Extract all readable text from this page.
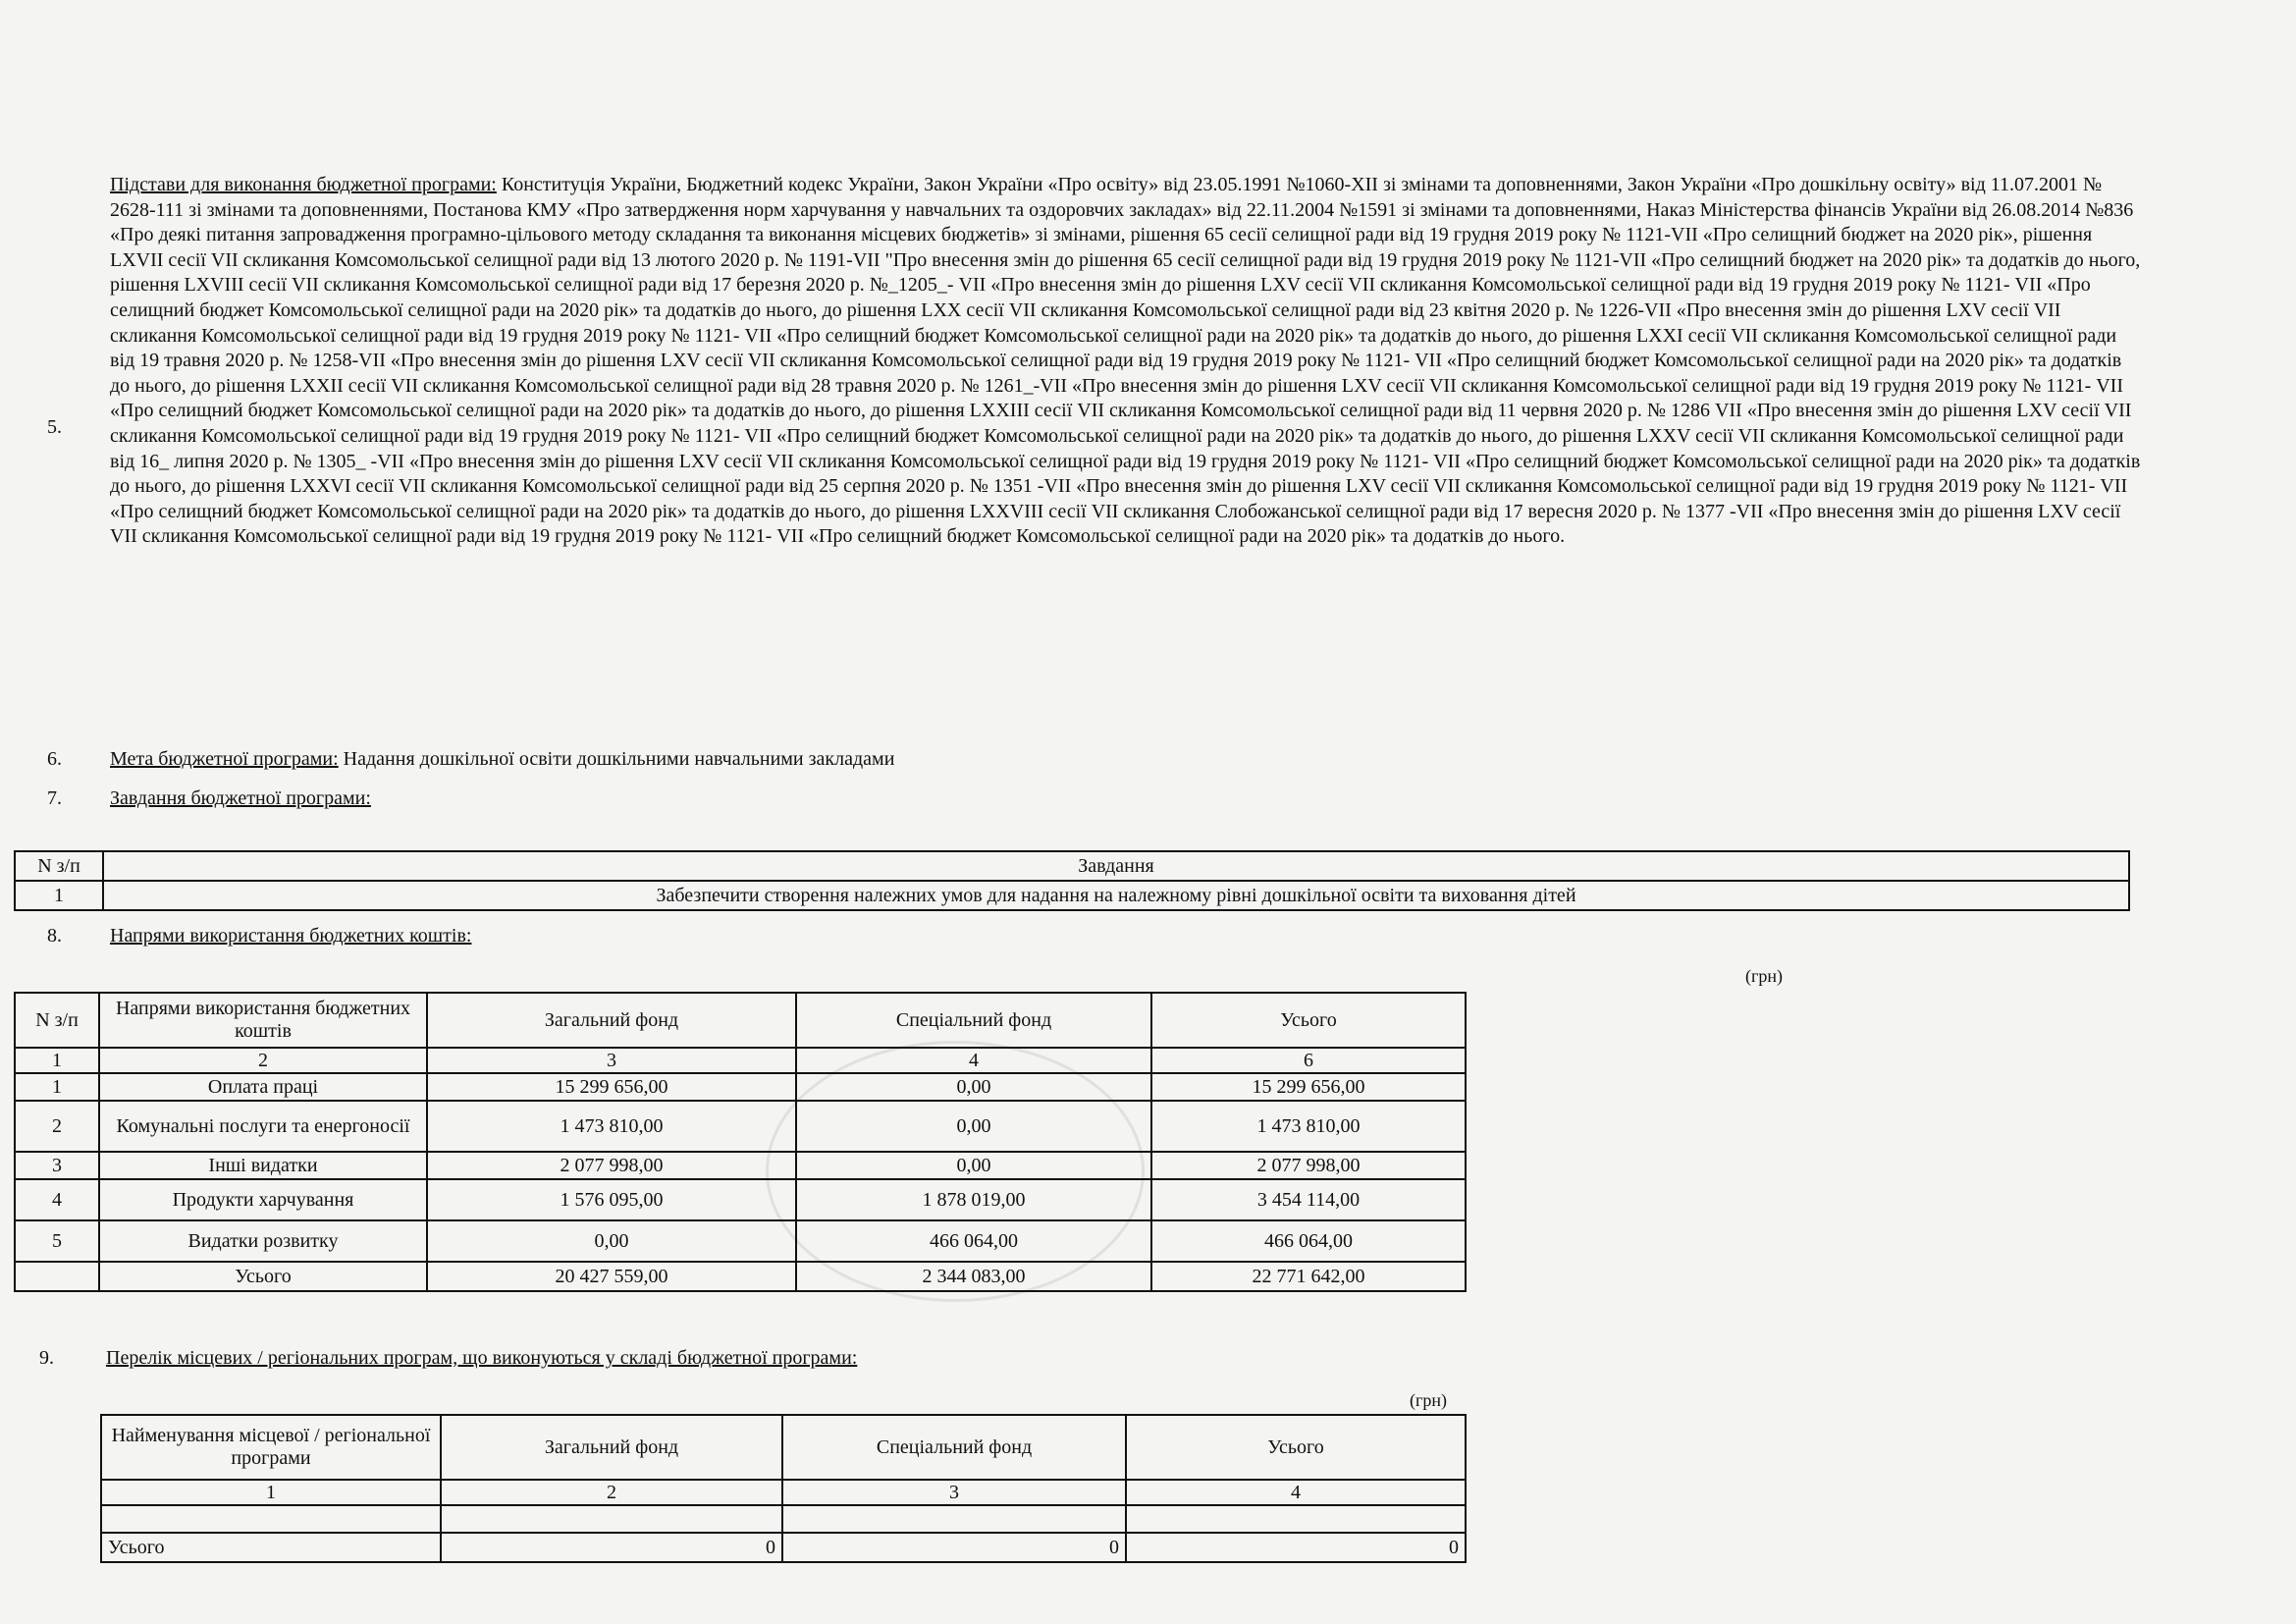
5.
Підстави для виконання бюджетної програми: Конституція України, Бюджетний кодекс України, Закон України «Про освіту» від 23.05.1991 №1060-XII зі змінами та доповненнями, Закон України «Про дошкільну освіту» від 11.07.2001 № 2628-111 зі змінами та доповненнями, Постанова КМУ «Про затвердження норм харчування у навчальних та оздоровчих закладах» від 22.11.2004 №1591 зі змінами та доповненнями, Наказ Міністерства фінансів України від 26.08.2014 №836 «Про деякі питання запровадження програмно-цільового методу складання та виконання місцевих бюджетів» зі змінами, рішення 65 сесії селищної ради від 19 грудня 2019 року № 1121-VII «Про селищний бюджет на 2020 рік», рішення LXVII сесії VII скликання Комсомольської селищної ради від 13 лютого 2020 р. № 1191-VII "Про внесення змін до рішення 65 сесії селищної ради від 19 грудня 2019 року № 1121-VII «Про селищний бюджет на 2020 рік» та додатків до нього, рішення LXVIII сесії VII скликання Комсомольської селищної ради від 17 березня 2020 р. №_1205_- VII «Про внесення змін до рішення LXV сесії VII скликання Комсомольської селищної ради від 19 грудня 2019 року № 1121- VII «Про селищний бюджет Комсомольської селищної ради на 2020 рік» та додатків до нього, до рішення LXX сесії VII скликання Комсомольської селищної ради від 23 квітня 2020 р. № 1226-VII «Про внесення змін до рішення LXV сесії VII скликання Комсомольської селищної ради від 19 грудня 2019 року № 1121- VII «Про селищний бюджет Комсомольської селищної ради на 2020 рік» та додатків до нього, до рішення LXXI сесії VII скликання Комсомольської селищної ради від 19 травня 2020 р. № 1258-VII «Про внесення змін до рішення LXV сесії VII скликання Комсомольської селищної ради від 19 грудня 2019 року № 1121- VII «Про селищний бюджет Комсомольської селищної ради на 2020 рік» та додатків до нього, до рішення LXXII сесії VII скликання Комсомольської селищної ради від 28 травня 2020 р. № 1261_-VII «Про внесення змін до рішення LXV сесії VII скликання Комсомольської селищної ради від 19 грудня 2019 року № 1121- VII «Про селищний бюджет Комсомольської селищної ради на 2020 рік» та додатків до нього, до рішення LXXIII сесії VII скликання Комсомольської селищної ради від 11 червня 2020 р. № 1286 VII «Про внесення змін до рішення LXV сесії VII скликання Комсомольської селищної ради від 19 грудня 2019 року № 1121- VII «Про селищний бюджет Комсомольської селищної ради на 2020 рік» та додатків до нього, до рішення LXXV сесії VII скликання Комсомольської селищної ради від 16_ липня 2020 р. № 1305_ -VII «Про внесення змін до рішення LXV сесії VII скликання Комсомольської селищної ради від 19 грудня 2019 року № 1121- VII «Про селищний бюджет Комсомольської селищної ради на 2020 рік» та додатків до нього, до рішення LXXVI сесії VII скликання Комсомольської селищної ради від 25 серпня 2020 р. № 1351 -VII «Про внесення змін до рішення LXV сесії VII скликання Комсомольської селищної ради від 19 грудня 2019 року № 1121- VII «Про селищний бюджет Комсомольської селищної ради на 2020 рік» та додатків до нього, до рішення LXXVIII сесії VII скликання Слобожанської селищної ради від 17 вересня 2020 р. № 1377 -VII «Про внесення змін до рішення LXV сесії VII скликання Комсомольської селищної ради від 19 грудня 2019 року № 1121- VII «Про селищний бюджет Комсомольської селищної ради на 2020 рік» та додатків до нього.
6. Мета бюджетної програми: Надання дошкільної освіти дошкільними навчальними закладами
7. Завдання бюджетної програми:
N з/п	Завдання
1	Забезпечити створення належних умов для надання на належному рівні дошкільної освіти та виховання дітей
8. Напрями використання бюджетних коштів:
(грн)
N з/п	Напрями використання бюджетних коштів	Загальний фонд	Спеціальний фонд	Усього
1	2	3	4	6
1	Оплата праці	15 299 656,00	0,00	15 299 656,00
2	Комунальні послуги та енергоносії	1 473 810,00	0,00	1 473 810,00
3	Інші видатки	2 077 998,00	0,00	2 077 998,00
4	Продукти харчування	1 576 095,00	1 878 019,00	3 454 114,00
5	Видатки розвитку	0,00	466 064,00	466 064,00
	Усього	20 427 559,00	2 344 083,00	22 771 642,00
9.	Перелік місцевих / регіональних програм, що виконуються у складі бюджетної програми:
(грн)
Найменування місцевої / регіональної програми	Загальний фонд	Спеціальний фонд	Усього
1	2	3	4

Усього	0	0	0
